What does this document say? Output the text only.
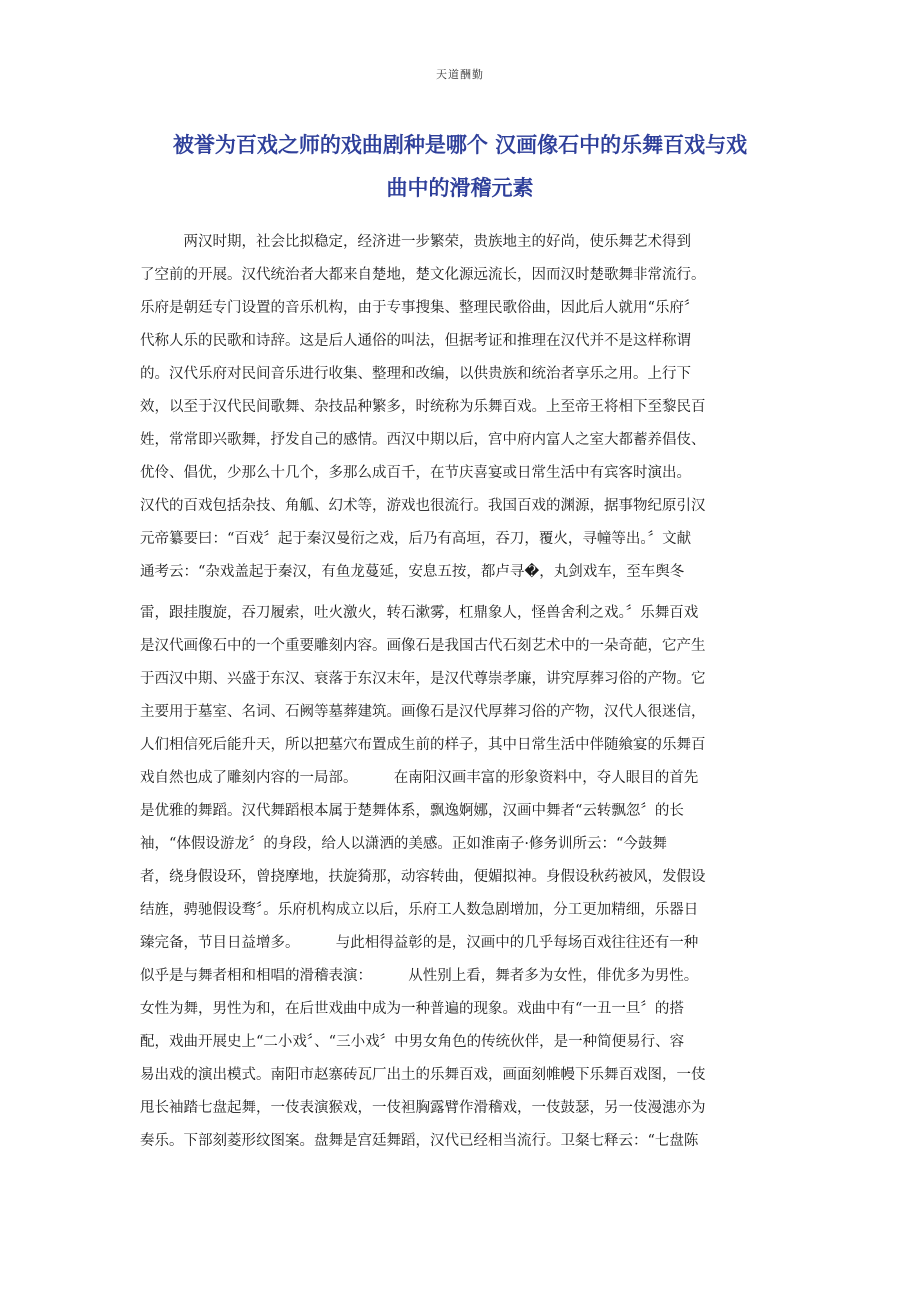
天道酬勤
被誉为百戏之师的戏曲剧种是哪个 汉画像石中的乐舞百戏与戏
曲中的滑稽元素
　　　两汉时期，社会比拟稳定，经济进一步繁荣，贵族地主的好尚，使乐舞艺术得到
了空前的开展。汉代统治者大都来自楚地，楚文化源远流长，因而汉时楚歌舞非常流行。
乐府是朝廷专门设置的音乐机构，由于专事搜集、整理民歌俗曲，因此后人就用“乐府〞
代称人乐的民歌和诗辞。这是后人通俗的叫法，但据考证和推理在汉代并不是这样称谓
的。汉代乐府对民间音乐进行收集、整理和改编，以供贵族和统治者享乐之用。上行下
效，以至于汉代民间歌舞、杂技品种繁多，时统称为乐舞百戏。上至帝王将相下至黎民百
姓，常常即兴歌舞，抒发自己的感情。西汉中期以后，宫中府内富人之室大都蓄养倡伎、
优伶、倡优，少那么十几个，多那么成百千，在节庆喜宴或日常生活中有宾客时演出。
汉代的百戏包括杂技、角觚、幻术等，游戏也很流行。我国百戏的渊源，据事物纪原引汉
元帝纂要曰：“百戏〞起于秦汉曼衍之戏，后乃有高垣，吞刀，覆火，寻幢等出。〞文献
通考云：“杂戏盖起于秦汉，有鱼龙蔓延，安息五按，都卢寻�，丸剑戏车，至车舆冬
雷，跟挂腹旋，吞刀履索，吐火激火，转石漱雾，杠鼎象人，怪兽舍利之戏。〞乐舞百戏
是汉代画像石中的一个重要雕刻内容。画像石是我国古代石刻艺术中的一朵奇葩，它产生
于西汉中期、兴盛于东汉、衰落于东汉末年，是汉代尊崇孝廉，讲究厚葬习俗的产物。它
主要用于墓室、名词、石阙等墓葬建筑。画像石是汉代厚葬习俗的产物，汉代人很迷信，
人们相信死后能升天，所以把墓穴布置成生前的样子，其中日常生活中伴随飨宴的乐舞百
戏自然也成了雕刻内容的一局部。　　　在南阳汉画丰富的形象资料中，夺人眼目的首先
是优雅的舞蹈。汉代舞蹈根本属于楚舞体系，飘逸婀娜，汉画中舞者“云转飘忽〞的长
袖，“体假设游龙〞的身段，给人以潇洒的美感。正如淮南子·修务训所云：“今鼓舞
者，绕身假设环，曾挠摩地，扶旋猗那，动容转曲，便媚拟神。身假设秋药被风，发假设
结旌，骋驰假设骛〞。乐府机构成立以后，乐府工人数急剧增加，分工更加精细，乐器日
臻完备，节目日益增多。　　　与此相得益彰的是，汉画中的几乎每场百戏往往还有一种
似乎是与舞者相和相唱的滑稽表演：　　　从性别上看，舞者多为女性，俳优多为男性。
女性为舞，男性为和，在后世戏曲中成为一种普遍的现象。戏曲中有“一丑一旦〞的搭
配，戏曲开展史上“二小戏〞、“三小戏〞中男女角色的传统伙伴，是一种简便易行、容
易出戏的演出模式。南阳市赵寨砖瓦厂出土的乐舞百戏，画面刻帷幔下乐舞百戏图，一伎
甩长袖踏七盘起舞，一伎表演猴戏，一伎袒胸露臂作滑稽戏，一伎鼓瑟，另一伎漫漶亦为
奏乐。下部刻菱形纹图案。盘舞是宫廷舞蹈，汉代已经相当流行。卫粲七释云：“七盘陈
